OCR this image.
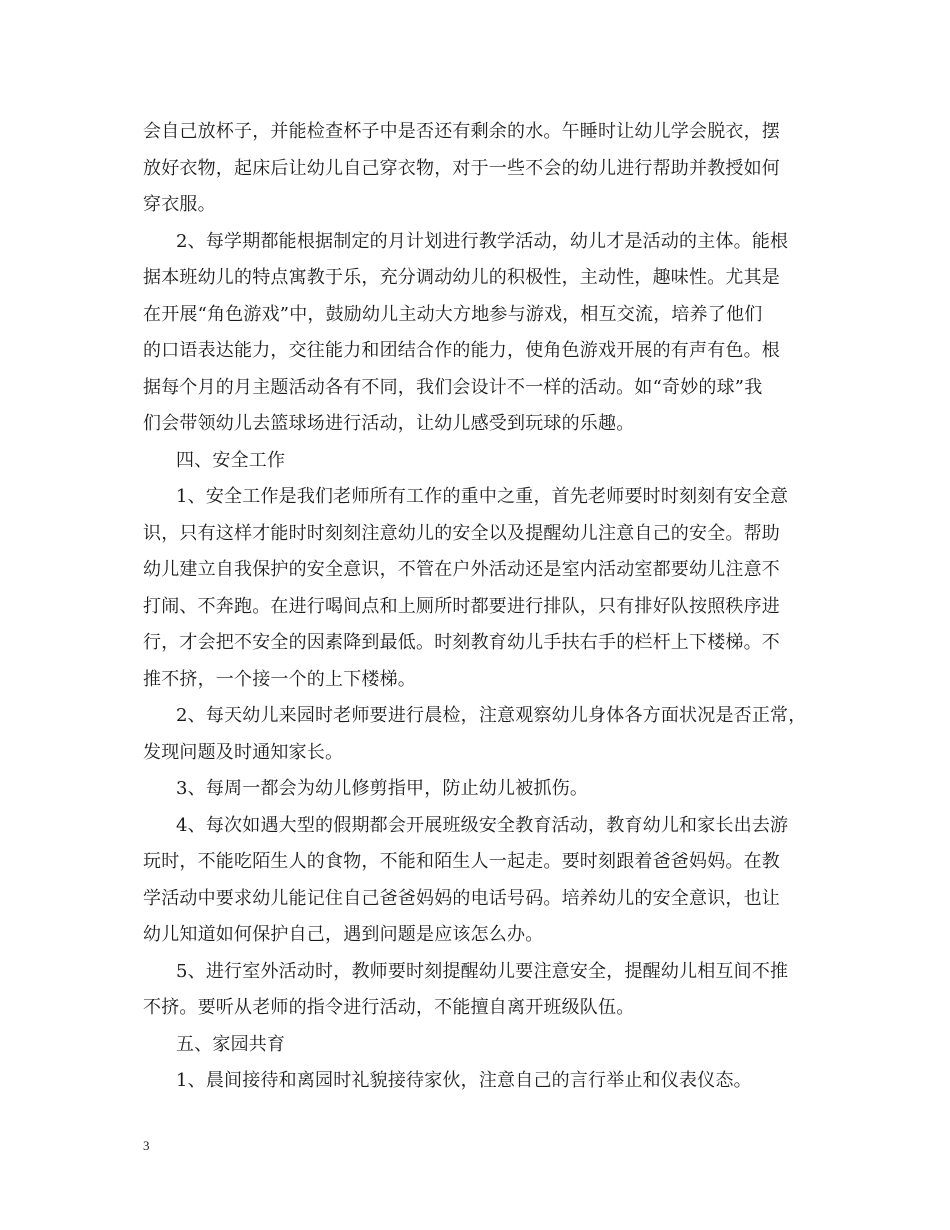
会自己放杯子，并能检查杯子中是否还有剩余的水。午睡时让幼儿学会脱衣，摆
放好衣物，起床后让幼儿自己穿衣物，对于一些不会的幼儿进行帮助并教授如何
穿衣服。
2、每学期都能根据制定的月计划进行教学活动，幼儿才是活动的主体。能根
据本班幼儿的特点寓教于乐，充分调动幼儿的积极性，主动性，趣味性。尤其是
在开展“角色游戏”中，鼓励幼儿主动大方地参与游戏，相互交流，培养了他们
的口语表达能力，交往能力和团结合作的能力，使角色游戏开展的有声有色。根
据每个月的月主题活动各有不同，我们会设计不一样的活动。如“奇妙的球”我
们会带领幼儿去篮球场进行活动，让幼儿感受到玩球的乐趣。
四、安全工作
1、安全工作是我们老师所有工作的重中之重，首先老师要时时刻刻有安全意
识，只有这样才能时时刻刻注意幼儿的安全以及提醒幼儿注意自己的安全。帮助
幼儿建立自我保护的安全意识，不管在户外活动还是室内活动室都要幼儿注意不
打闹、不奔跑。在进行喝间点和上厕所时都要进行排队，只有排好队按照秩序进
行，才会把不安全的因素降到最低。时刻教育幼儿手扶右手的栏杆上下楼梯。不
推不挤，一个接一个的上下楼梯。
2、每天幼儿来园时老师要进行晨检，注意观察幼儿身体各方面状况是否正常，
发现问题及时通知家长。
3、每周一都会为幼儿修剪指甲，防止幼儿被抓伤。
4、每次如遇大型的假期都会开展班级安全教育活动，教育幼儿和家长出去游
玩时，不能吃陌生人的食物，不能和陌生人一起走。要时刻跟着爸爸妈妈。在教
学活动中要求幼儿能记住自己爸爸妈妈的电话号码。培养幼儿的安全意识，也让
幼儿知道如何保护自己，遇到问题是应该怎么办。
5、进行室外活动时，教师要时刻提醒幼儿要注意安全，提醒幼儿相互间不推
不挤。要听从老师的指令进行活动，不能擅自离开班级队伍。
五、家园共育
1、晨间接待和离园时礼貌接待家伙，注意自己的言行举止和仪表仪态。
3
